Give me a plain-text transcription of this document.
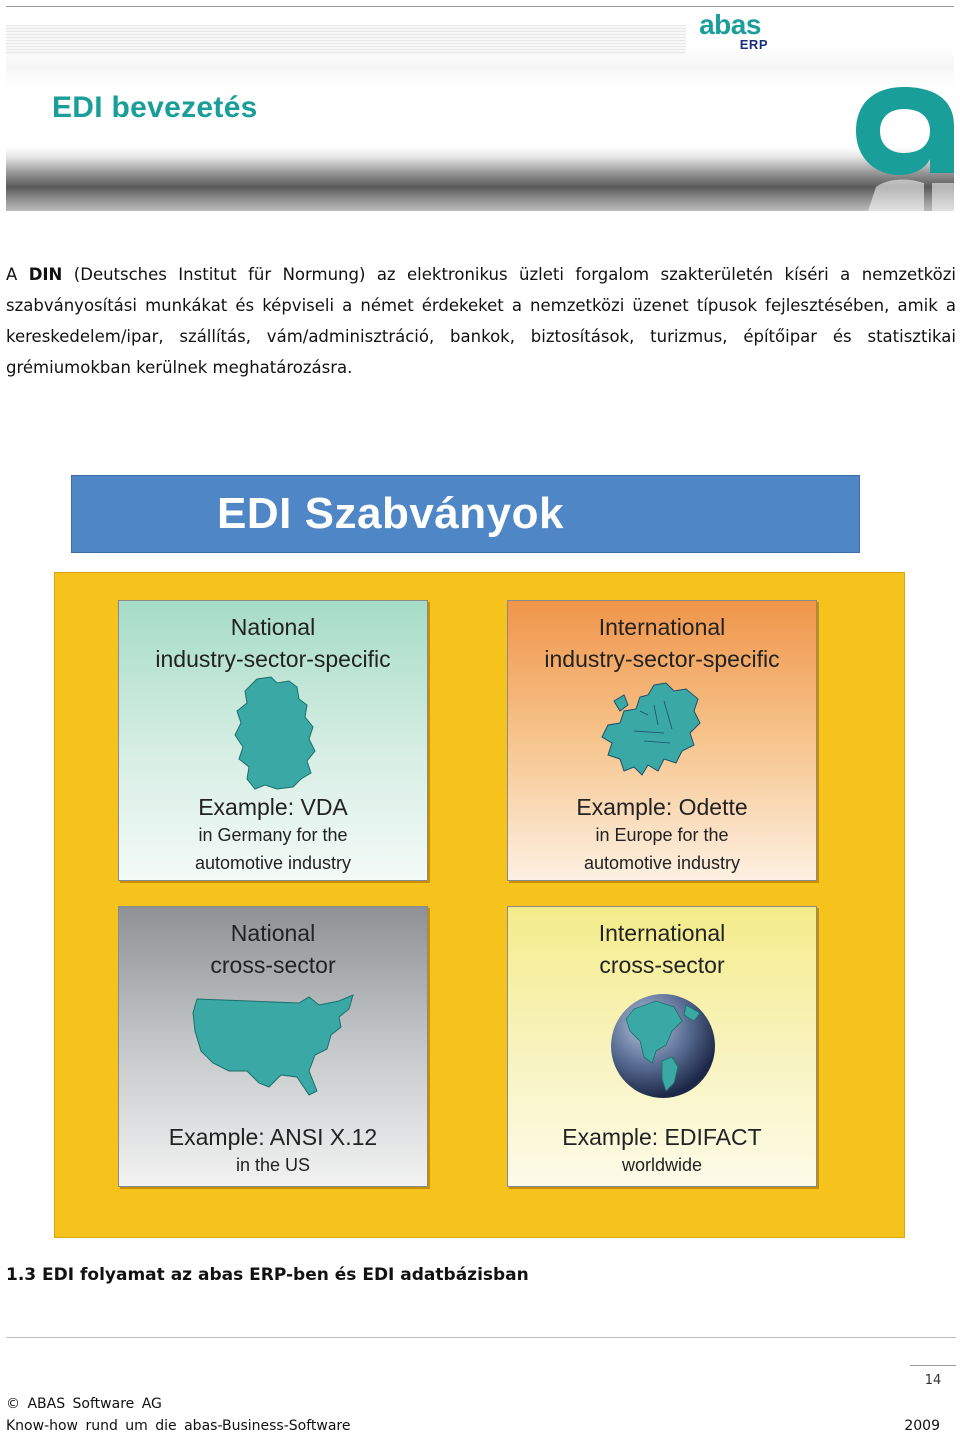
EDI bevezetés
abas
ERP
A DIN (Deutsches Institut für Normung) az elektronikus üzleti forgalom szakterületén kíséri a nemzetközi szabványosítási munkákat és képviseli a német érdekeket a nemzetközi üzenet típusok fejlesztésében, amik a kereskedelem/ipar, szállítás, vám/adminisztráció, bankok, biztosítások, turizmus, építőipar és statisztikai grémiumokban kerülnek meghatározásra.
EDI Szabványok
National
industry-sector-specific
Example: VDA
in Germany for the
automotive industry
International
industry-sector-specific
Example: Odette
in Europe for the
automotive industry
National
cross-sector
Example: ANSI X.12
in the US
International
cross-sector
Example: EDIFACT
worldwide
1.3 EDI folyamat az abas ERP-ben és EDI adatbázisban
14
© ABAS Software AG
Know-how rund um die abas-Business-Software	2009
